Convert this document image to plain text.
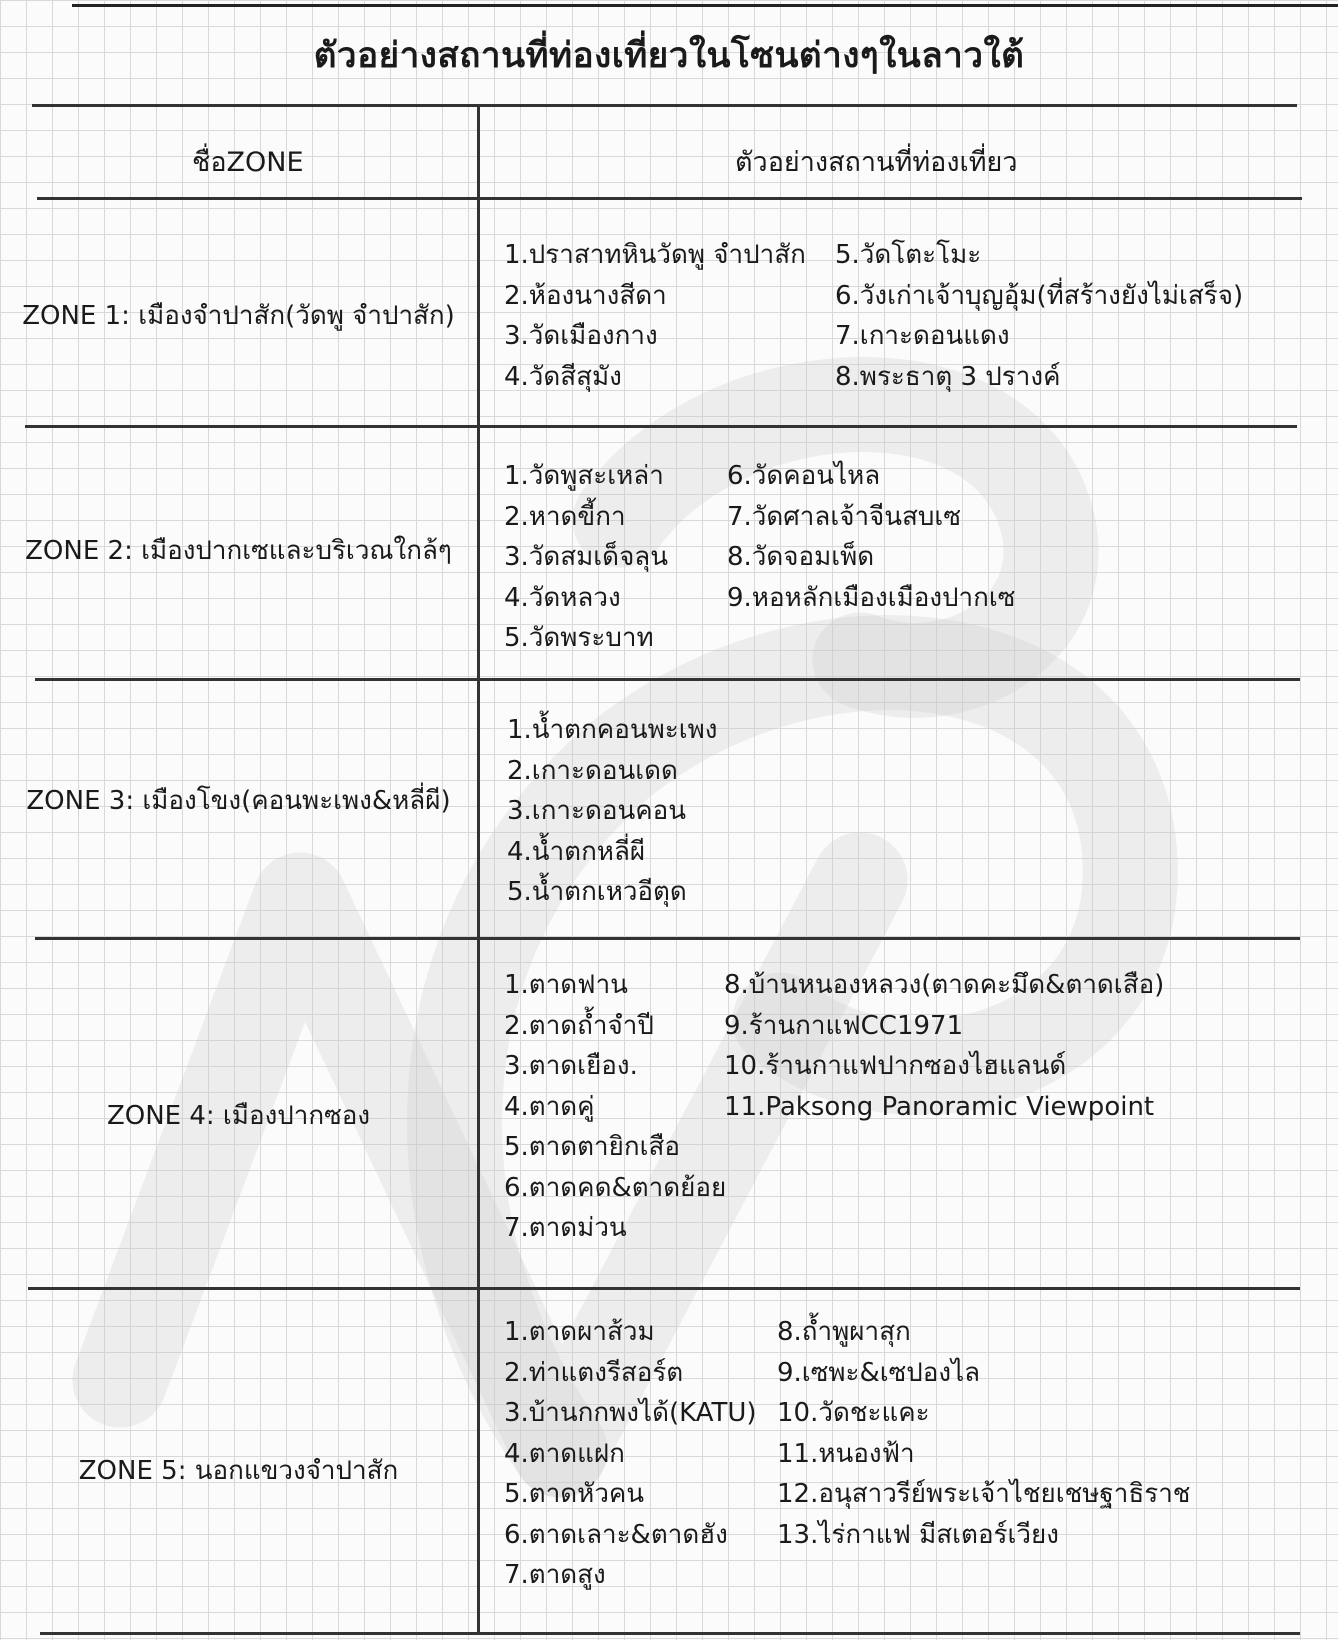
ตัวอย่างสถานที่ท่องเที่ยวในโซนต่างๆในลาวใต้
ชื่อZONE	ตัวอย่างสถานที่ท่องเที่ยว
ZONE 1: เมืองจำปาสัก(วัดพู จำปาสัก)
1.ปราสาทหินวัดพู จำปาสัก
2.ห้องนางสีดา
3.วัดเมืองกาง
4.วัดสีสุมัง
5.วัดโตะโมะ
6.วังเก่าเจ้าบุญอุ้ม(ที่สร้างยังไม่เสร็จ)
7.เกาะดอนแดง
8.พระธาตุ 3 ปรางค์
ZONE 2: เมืองปากเซและบริเวณใกล้ๆ
1.วัดพูสะเหล่า
2.หาดขี้กา
3.วัดสมเด็จลุน
4.วัดหลวง
5.วัดพระบาท
6.วัดคอนไหล
7.วัดศาลเจ้าจีนสบเซ
8.วัดจอมเพ็ด
9.หอหลักเมืองเมืองปากเซ
ZONE 3: เมืองโขง(คอนพะเพง&หลี่ผี)
1.น้ำตกคอนพะเพง
2.เกาะดอนเดด
3.เกาะดอนคอน
4.น้ำตกหลี่ผี
5.น้ำตกเหวอีตุด
ZONE 4: เมืองปากซอง
1.ตาดฟาน
2.ตาดถ้ำจำปี
3.ตาดเยือง.
4.ตาดคู่
5.ตาดตายิกเสือ
6.ตาดคด&ตาดย้อย
7.ตาดม่วน
8.บ้านหนองหลวง(ตาดคะมึด&ตาดเสือ)
9.ร้านกาแฟCC1971
10.ร้านกาแฟปากซองไฮแลนด์
11.Paksong Panoramic Viewpoint
ZONE 5: นอกแขวงจำปาสัก
1.ตาดผาส้วม
2.ท่าแตงรีสอร์ต
3.บ้านกกพงได้(KATU)
4.ตาดแฝก
5.ตาดหัวคน
6.ตาดเลาะ&ตาดฮัง
7.ตาดสูง
8.ถ้ำพูผาสุก
9.เซพะ&เซปองไล
10.วัดชะแคะ
11.หนองฟ้า
12.อนุสาวรีย์พระเจ้าไชยเชษฐาธิราช
13.ไร่กาแฟ มีสเตอร์เวียง
